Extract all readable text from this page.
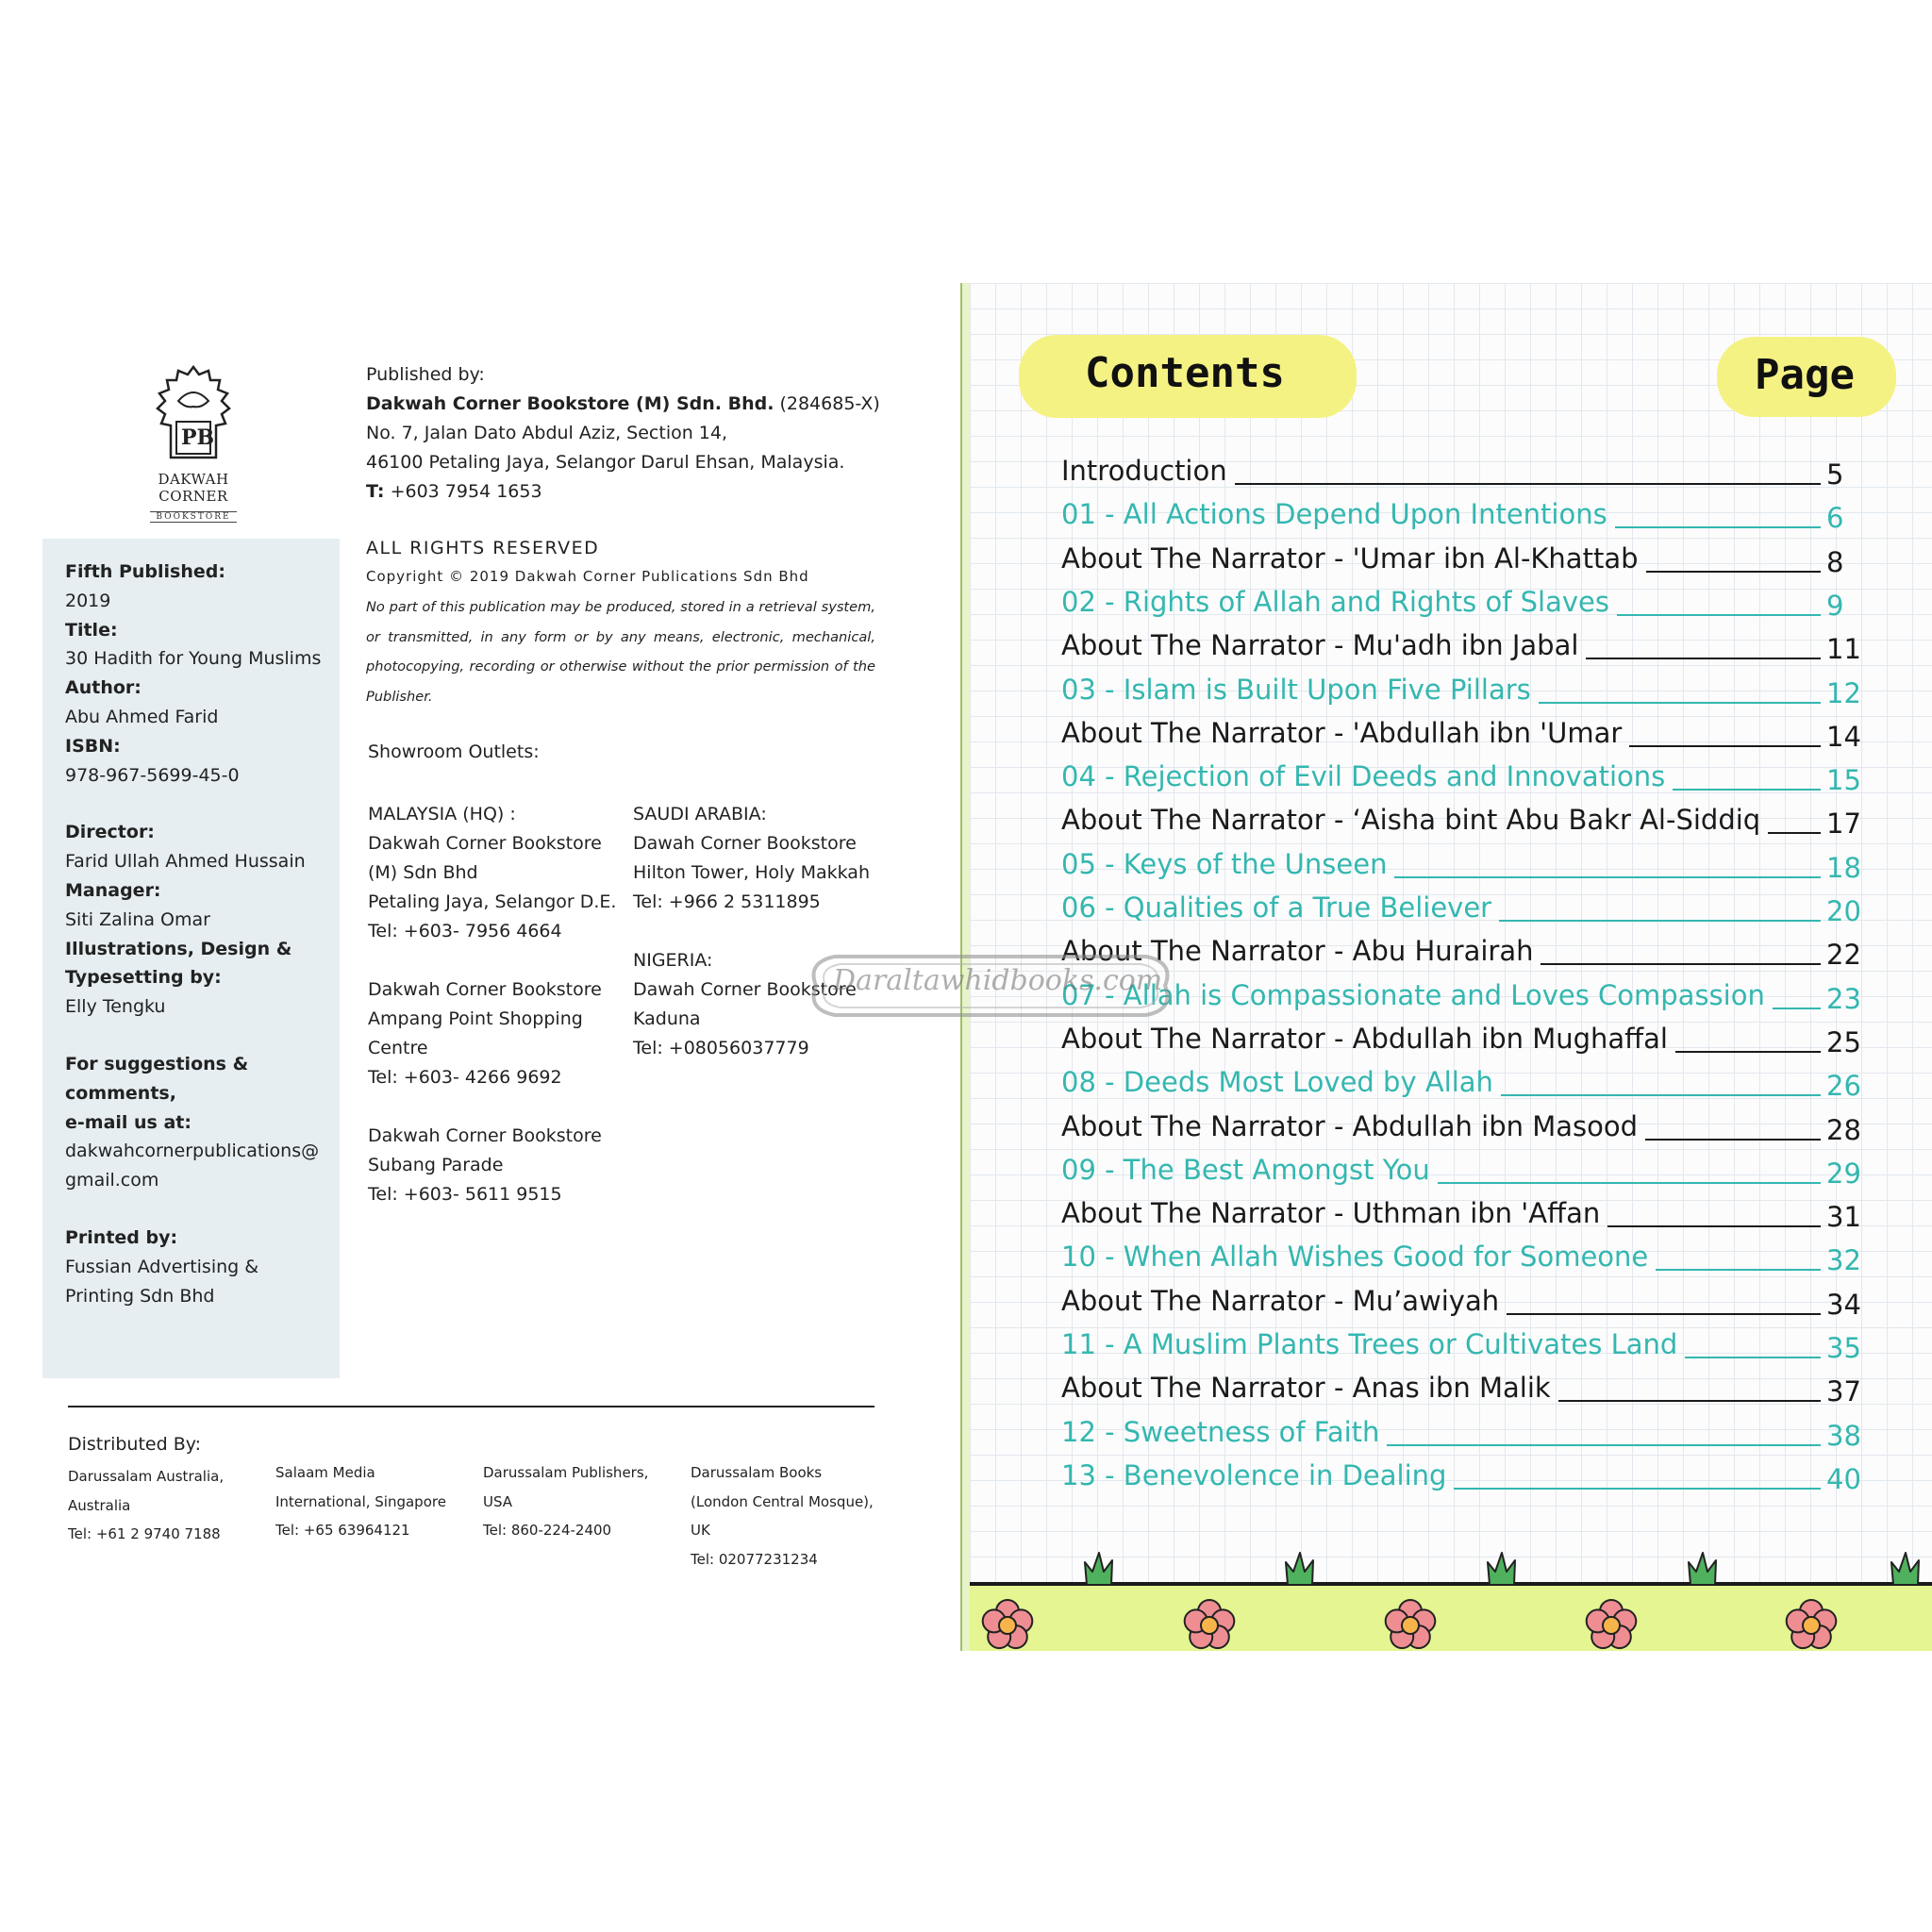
PB
DAKWAH CORNER
BOOKSTORE
Published by:
Dakwah Corner Bookstore (M) Sdn. Bhd. (284685-X)
No. 7, Jalan Dato Abdul Aziz, Section 14,
46100 Petaling Jaya, Selangor Darul Ehsan, Malaysia.
T: +603 7954 1653
ALL RIGHTS RESERVED
Copyright © 2019 Dakwah Corner Publications Sdn Bhd
No part of this publication may be produced, stored in a retrieval system, or transmitted, in any form or by any means, electronic, mechanical, photocopying, recording or otherwise without the prior permission of the Publisher.
Fifth Published:
2019
Title:
30 Hadith for Young Muslims
Author:
Abu Ahmed Farid
ISBN:
978-967-5699-45-0
Director:
Farid Ullah Ahmed Hussain
Manager:
Siti Zalina Omar
Illustrations, Design &
Typesetting by:
Elly Tengku
For suggestions &
comments,
e-mail us at:
dakwahcornerpublications@
gmail.com
Printed by:
Fussian Advertising &
Printing Sdn Bhd
Showroom Outlets:
MALAYSIA (HQ) :
Dakwah Corner Bookstore
(M) Sdn Bhd
Petaling Jaya, Selangor D.E.
Tel: +603- 7956 4664
Dakwah Corner Bookstore
Ampang Point Shopping
Centre
Tel: +603- 4266 9692
Dakwah Corner Bookstore
Subang Parade
Tel: +603- 5611 9515
SAUDI ARABIA:
Dawah Corner Bookstore
Hilton Tower, Holy Makkah
Tel: +966 2 5311895
NIGERIA:
Dawah Corner Bookstore
Kaduna
Tel: +08056037779
Distributed By:
Darussalam Australia,
Australia
Tel: +61 2 9740 7188
Salaam Media
International, Singapore
Tel: +65 63964121
Darussalam Publishers,
USA
Tel: 860-224-2400
Darussalam Books
(London Central Mosque),
UK
Tel: 02077231234
Contents	Page
Introduction	5
01 - All Actions Depend Upon Intentions	6
About The Narrator - 'Umar ibn Al-Khattab	8
02 - Rights of Allah and Rights of Slaves	9
About The Narrator - Mu'adh ibn Jabal	11
03 - Islam is Built Upon Five Pillars	12
About The Narrator - 'Abdullah ibn 'Umar	14
04 - Rejection of Evil Deeds and Innovations	15
About The Narrator - ‘Aisha bint Abu Bakr Al-Siddiq 17
05 - Keys of the Unseen	18
06 - Qualities of a True Believer	20
About The Narrator - Abu Hurairah	22
07 - Allah is Compassionate and Loves Compassion 23
About The Narrator - Abdullah ibn Mughaffal	25
08 - Deeds Most Loved by Allah	26
About The Narrator - Abdullah ibn Masood	28
09 - The Best Amongst You	29
About The Narrator - Uthman ibn 'Affan	31
10 - When Allah Wishes Good for Someone	32
About The Narrator - Mu’awiyah	34
11 - A Muslim Plants Trees or Cultivates Land	35
About The Narrator - Anas ibn Malik	37
12 - Sweetness of Faith	38
13 - Benevolence in Dealing	40
Daraltawhidbooks.com
